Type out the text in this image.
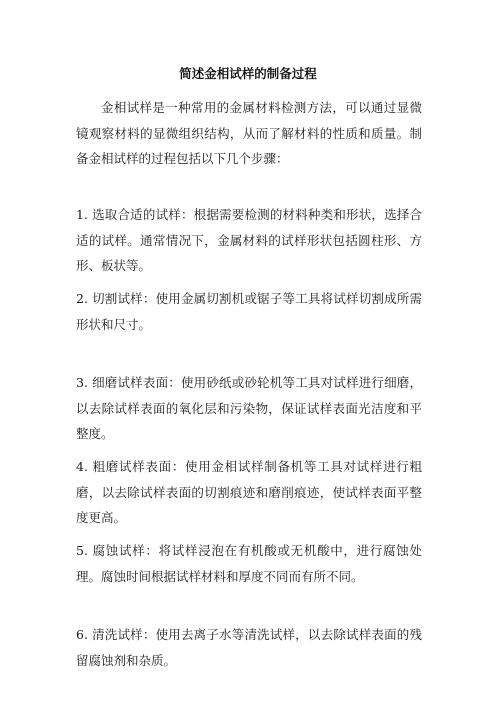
简述金相试样的制备过程

金相试样是一种常用的金属材料检测方法，可以通过显微镜观察材料的显微组织结构，从而了解材料的性质和质量。制备金相试样的过程包括以下几个步骤：

1. 选取合适的试样：根据需要检测的材料种类和形状，选择合适的试样。通常情况下，金属材料的试样形状包括圆柱形、方形、板状等。

2. 切割试样：使用金属切割机或锯子等工具将试样切割成所需形状和尺寸。

3. 细磨试样表面：使用砂纸或砂轮机等工具对试样进行细磨，以去除试样表面的氧化层和污染物，保证试样表面光洁度和平整度。

4. 粗磨试样表面：使用金相试样制备机等工具对试样进行粗磨，以去除试样表面的切割痕迹和磨削痕迹，使试样表面平整度更高。

5. 腐蚀试样：将试样浸泡在有机酸或无机酸中，进行腐蚀处理。腐蚀时间根据试样材料和厚度不同而有所不同。

6. 清洗试样：使用去离子水等清洗试样，以去除试样表面的残留腐蚀剂和杂质。
